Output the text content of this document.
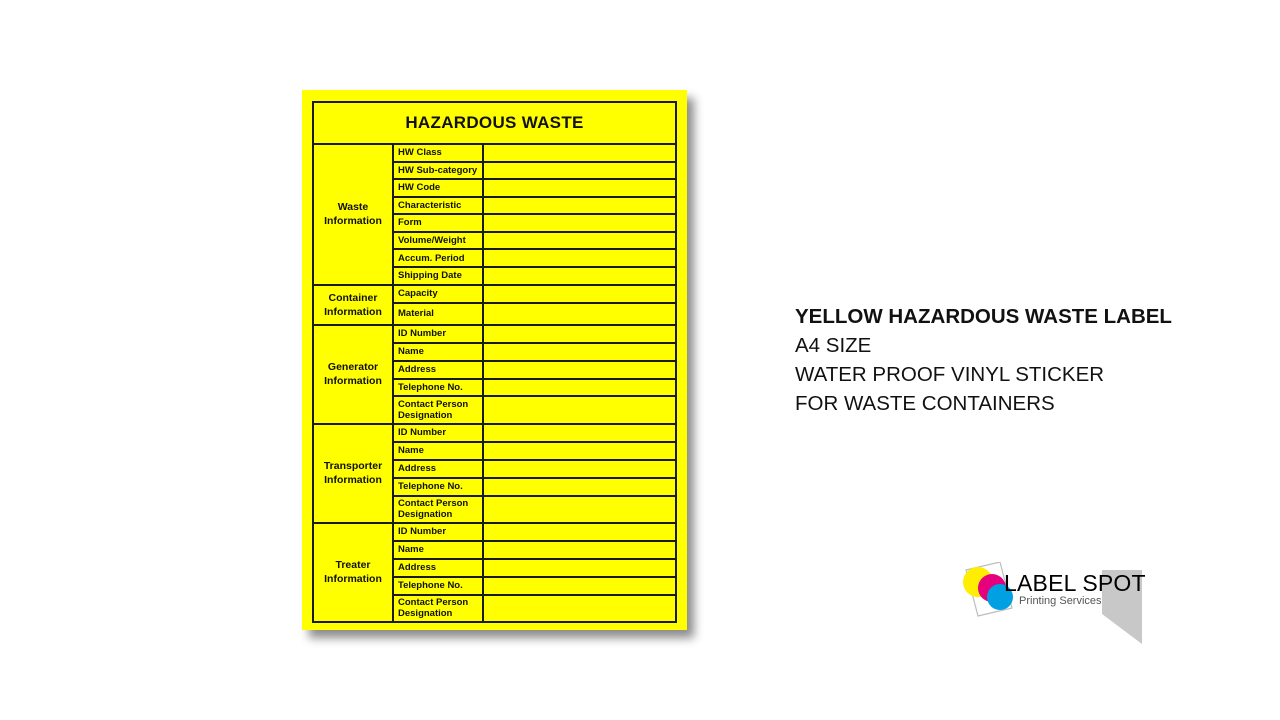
HAZARDOUS WASTE
Waste Information
HW Class
HW Sub-category
HW Code
Characteristic
Form
Volume/Weight
Accum. Period
Shipping Date
Container Information
Capacity
Material
Generator Information
ID Number
Name
Address
Telephone No.
Contact Person Designation
Transporter Information
ID Number
Name
Address
Telephone No.
Contact Person Designation
Treater Information
ID Number
Name
Address
Telephone No.
Contact Person Designation
YELLOW HAZARDOUS WASTE LABEL
A4 SIZE
WATER PROOF VINYL STICKER
FOR WASTE CONTAINERS
LABEL SPOT
Printing Services
